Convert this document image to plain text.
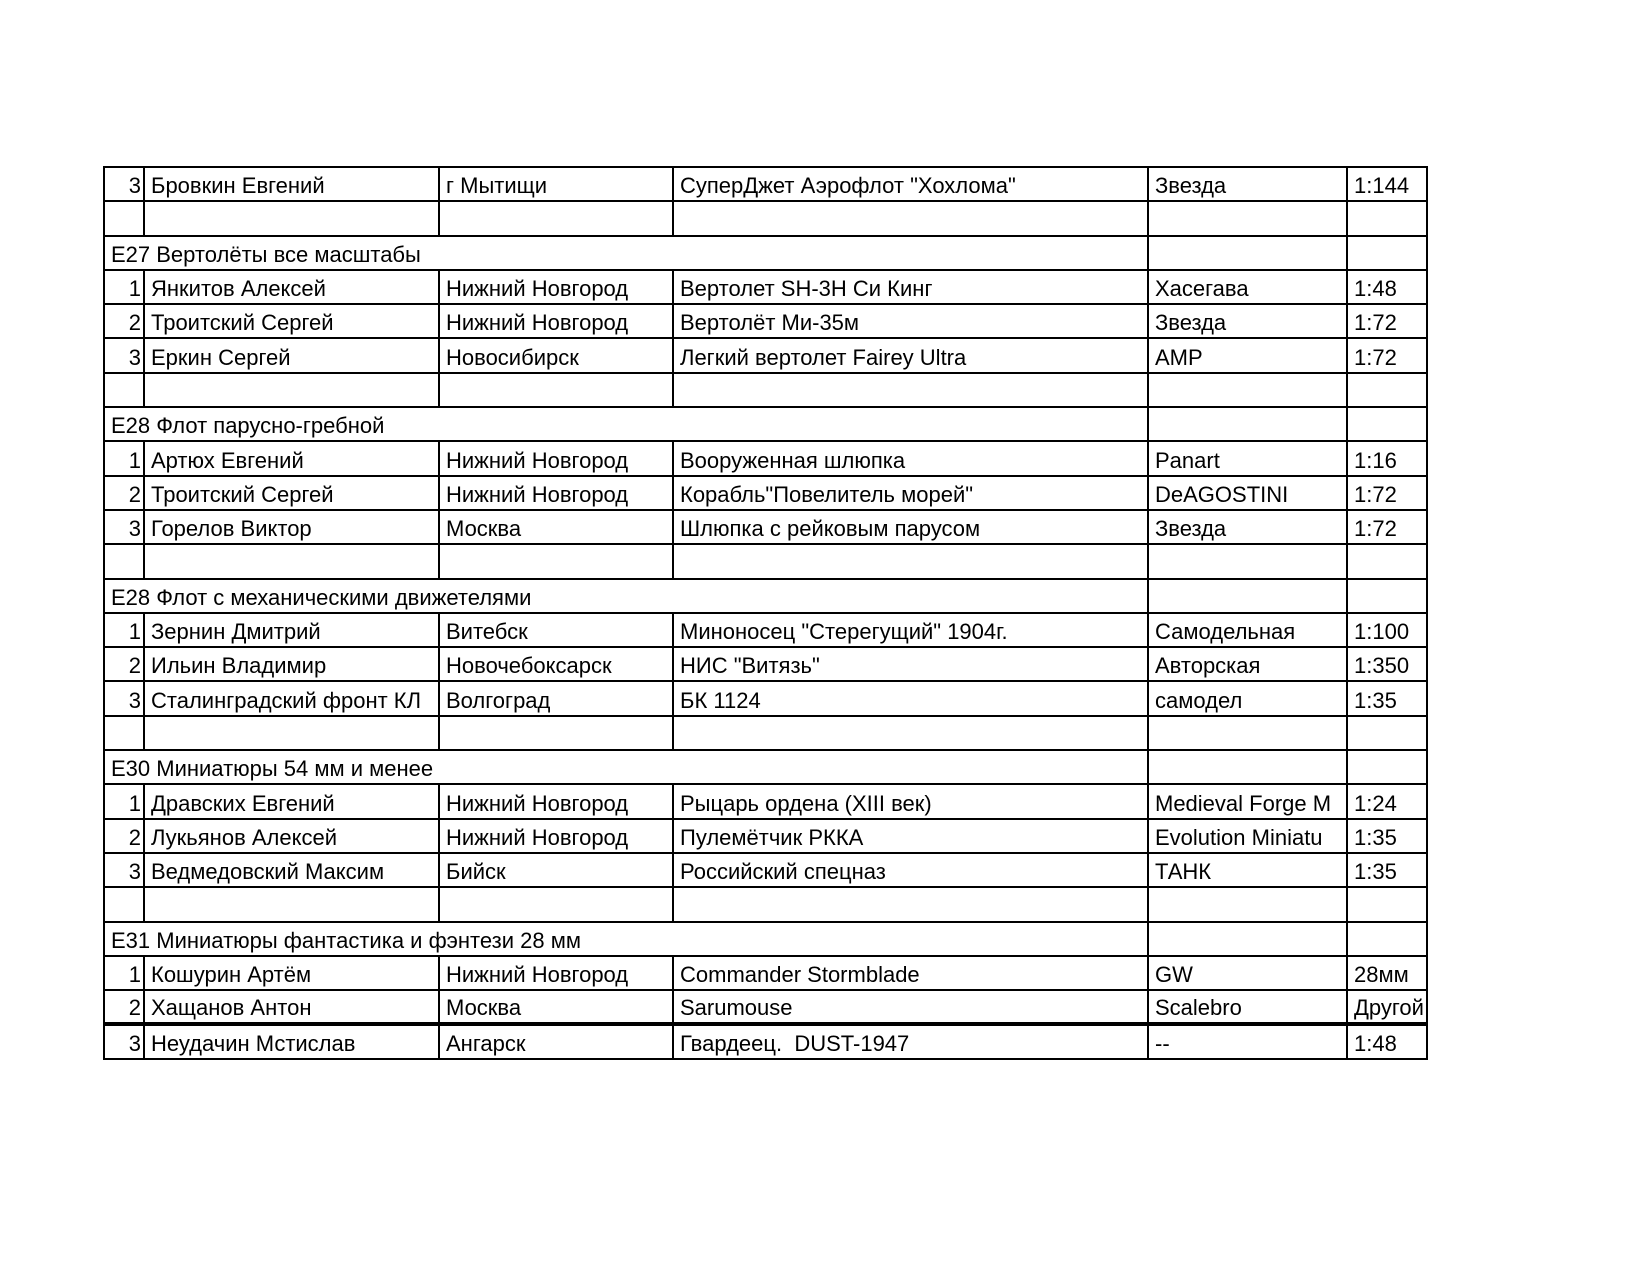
3	Бровкин Евгений	г Мытищи	СуперДжет Аэрофлот "Хохлома"	Звезда	1:144

Е27 Вертолёты все масштабы					
1	Янкитов Алексей	Нижний Новгород	Вертолет SH-3H Си Кинг	Хасегава	1:48
2	Троитский Сергей	Нижний Новгород	Вертолёт Ми-35м	Звезда	1:72
3	Еркин Сергей	Новосибирск	Легкий вертолет Fairey Ultra	AMP	1:72

Е28 Флот парусно-гребной					
1	Артюх Евгений	Нижний Новгород	Вооруженная шлюпка	Panart	1:16
2	Троитский Сергей	Нижний Новгород	Корабль"Повелитель морей"	DeAGOSTINI	1:72
3	Горелов Виктор	Москва	Шлюпка с рейковым парусом	Звезда	1:72

Е28 Флот с механическими движетелями					
1	Зернин Дмитрий	Витебск	Миноносец "Стерегущий" 1904г.	Самодельная	1:100
2	Ильин Владимир	Новочебоксарск	НИС "Витязь"	Авторская	1:350
3	Сталинградский фронт КЛ	Волгоград	БК 1124	самодел	1:35

Е30 Миниатюры 54 мм и менее					
1	Дравских Евгений	Нижний Новгород	Рыцарь ордена (XIII век)	Medieval Forge M	1:24
2	Лукьянов Алексей	Нижний Новгород	Пулемётчик РККА	Evolution Miniatu	1:35
3	Ведмедовский Максим	Бийск	Российский спецназ	ТАНК	1:35

Е31 Миниатюры фантастика и фэнтези 28 мм					
1	Кошурин Артём	Нижний Новгород	Commander Stormblade	GW	28мм
2	Хащанов Антон	Москва	Sarumouse	Scalebro	Другой
3	Неудачин Мстислав	Ангарск	Гвардеец.  DUST-1947	--	1:48
